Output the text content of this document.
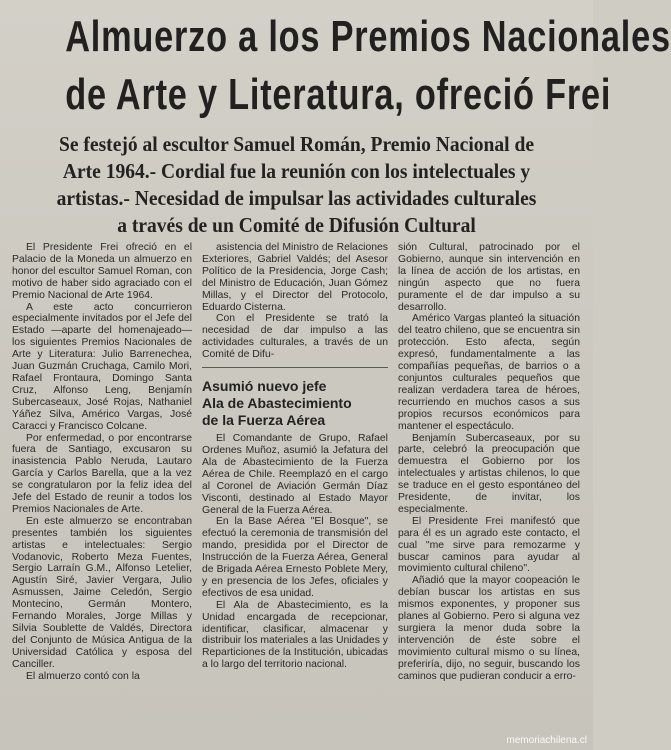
Almuerzo a los Premios Nacionales
de Arte y Literatura, ofreció Frei
Se festejó al escultor Samuel Román, Premio Nacional de
Arte 1964.- Cordial fue la reunión con los intelectuales y
artistas.- Necesidad de impulsar las actividades culturales
a través de un Comité de Difusión Cultural

El Presidente Frei ofreció en el Palacio de la Moneda un almuerzo en honor del escultor Samuel Roman, con motivo de haber sido agraciado con el Premio Nacional de Arte 1964.

A este acto concurrieron especialmente invitados por el Jefe del Estado —aparte del homenajeado— los siguientes Premios Nacionales de Arte y Literatura: Julio Barrenechea, Juan Guzmán Cruchaga, Camilo Mori, Rafael Frontaura, Domingo Santa Cruz, Alfonso Leng, Benjamín Subercaseaux, José Rojas, Nathaniel Yáñez Silva, Américo Vargas, José Caracci y Francisco Colcane.

Por enfermedad, o por encontrarse fuera de Santiago, excusaron su inasistencia Pablo Neruda, Lautaro García y Carlos Barella, que a la vez se congratularon por la feliz idea del Jefe del Estado de reunir a todos los Premios Nacionales de Arte.

En este almuerzo se encontraban presentes también los siguientes artistas e intelectuales: Sergio Vodanovic, Roberto Meza Fuentes, Sergio Larraín G.M., Alfonso Letelier, Agustín Siré, Javier Vergara, Julio Asmussen, Jaime Celedón, Sergio Montecino, Germán Montero, Fernando Morales, Jorge Millas y Silvia Soublette de Valdés, Directora del Conjunto de Música Antigua de la Universidad Católica y esposa del Canciller.

El almuerzo contó con la

asistencia del Ministro de Relaciones Exteriores, Gabriel Valdés; del Asesor Político de la Presidencia, Jorge Cash; del Ministro de Educación, Juan Gómez Millas, y el Director del Protocolo, Eduardo Cisterna.

Con el Presidente se trató la necesidad de dar impulso a las actividades culturales, a través de un Comité de Difu-

Asumió nuevo jefe
Ala de Abastecimiento
de la Fuerza Aérea

El Comandante de Grupo, Rafael Ordenes Muñoz, asumió la Jefatura del Ala de Abastecimiento de la Fuerza Aérea de Chile. Reemplazó en el cargo al Coronel de Aviación Germán Díaz Visconti, destinado al Estado Mayor General de la Fuerza Aérea.

En la Base Aérea "El Bosque", se efectuó la ceremonia de transmisión del mando, presidida por el Director de Instrucción de la Fuerza Aérea, General de Brigada Aérea Ernesto Poblete Mery, y en presencia de los Jefes, oficiales y efectivos de esa unidad.

El Ala de Abastecimiento, es la Unidad encargada de recepcionar, identificar, clasificar, almacenar y distribuir los materiales a las Unidades y Reparticiones de la Institución, ubicadas a lo largo del territorio nacional.

sión Cultural, patrocinado por el Gobierno, aunque sin intervención en la línea de acción de los artistas, en ningún aspecto que no fuera puramente el de dar impulso a su desarrollo.

Américo Vargas planteó la situación del teatro chileno, que se encuentra sin protección. Esto afecta, según expresó, fundamentalmente a las compañías pequeñas, de barrios o a conjuntos culturales pequeños que realizan verdadera tarea de héroes, recurriendo en muchos casos a sus propios recursos económicos para mantener el espectáculo.

Benjamín Subercaseaux, por su parte, celebró la preocupación que demuestra el Gobierno por los intelectuales y artistas chilenos, lo que se traduce en el gesto espontáneo del Presidente, de invitar, los especialmente.

El Presidente Frei manifestó que para él es un agrado este contacto, el cual "me sirve para remozarme y buscar caminos para ayudar al movimiento cultural chileno".

Añadió que la mayor coopeación le debían buscar los artistas en sus mismos exponentes, y proponer sus planes al Gobierno. Pero si alguna vez surgiera la menor duda sobre la intervención de éste sobre el movimiento cultural mismo o su línea, preferiría, dijo, no seguir, buscando los caminos que pudieran conducir a erro-

memoriachilena.cl
